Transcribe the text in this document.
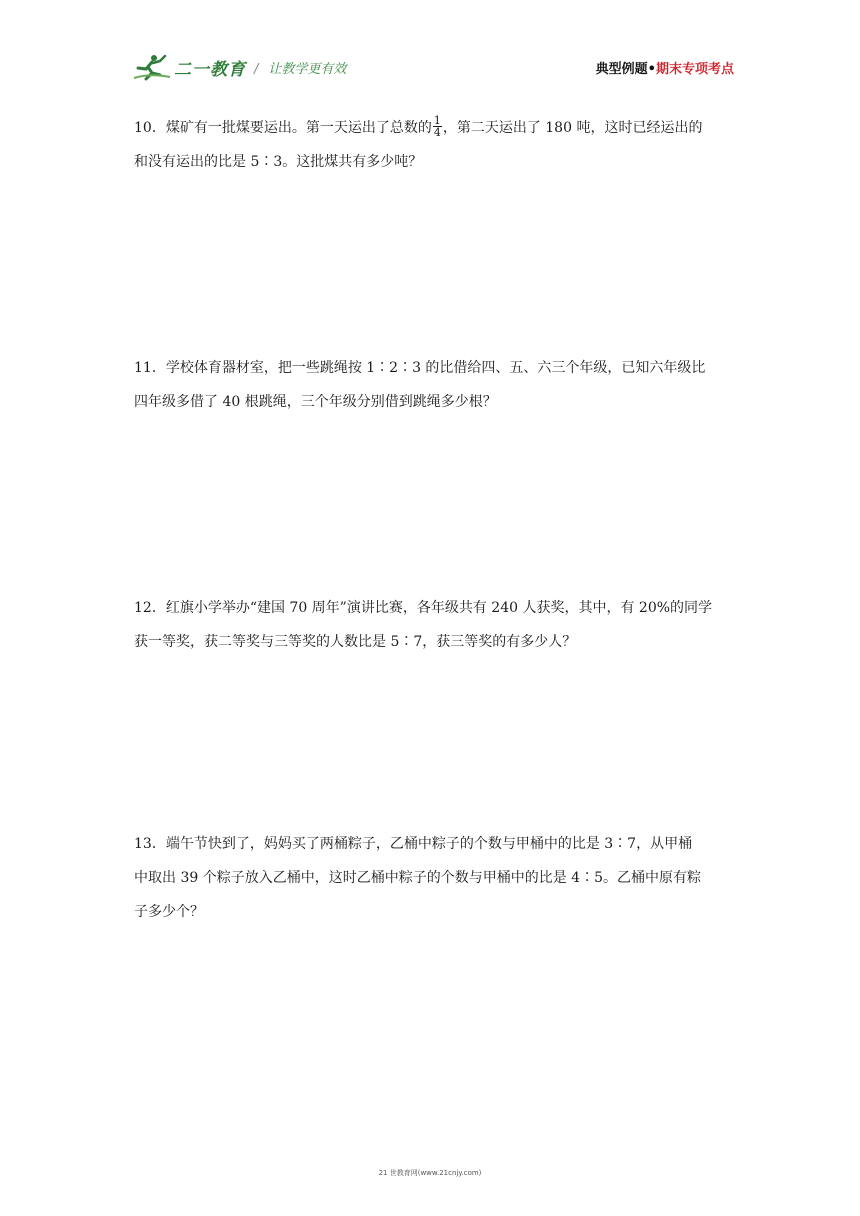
二一教育 / 让教学更有效	典型例题•期末专项考点
10．煤矿有一批煤要运出。第一天运出了总数的 $\frac{1}{4}$ ，第二天运出了 180 吨，这时已经运出的
和没有运出的比是 5∶3。这批煤共有多少吨？
11．学校体育器材室，把一些跳绳按 1∶2∶3 的比借给四、五、六三个年级，已知六年级比
四年级多借了 40 根跳绳，三个年级分别借到跳绳多少根？
12．红旗小学举办“建国 70 周年”演讲比赛，各年级共有 240 人获奖，其中，有 20%的同学
获一等奖，获二等奖与三等奖的人数比是 5∶7，获三等奖的有多少人？
13．端午节快到了，妈妈买了两桶粽子，乙桶中粽子的个数与甲桶中的比是 3∶7，从甲桶
中取出 39 个粽子放入乙桶中，这时乙桶中粽子的个数与甲桶中的比是 4∶5。乙桶中原有粽
子多少个？
21 世教育网(www.21cnjy.com)
